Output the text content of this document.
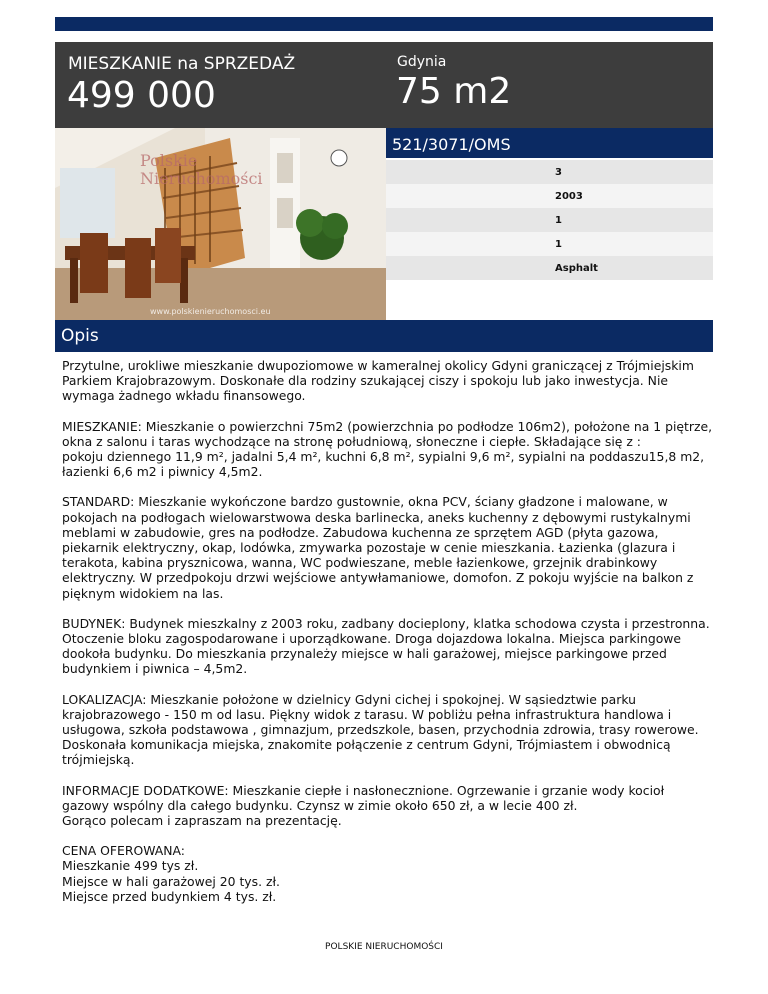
MIESZKANIE na SPRZEDAŻ
499 000
Gdynia
75 m2
Polskie
Nieruchomości
www.polskienieruchomosci.eu
521/3071/OMS
3
2003
1
1
Asphalt
Opis

Przytulne, urokliwe mieszkanie dwupoziomowe w kameralnej okolicy Gdyni graniczącej z Trójmiejskim Parkiem Krajobrazowym. Doskonałe dla rodziny szukającej ciszy i spokoju lub jako inwestycja. Nie wymaga żadnego wkładu finansowego.

MIESZKANIE: Mieszkanie o powierzchni 75m2 (powierzchnia po podłodze 106m2), położone na 1 piętrze, okna z salonu i taras wychodzące na stronę południową, słoneczne i ciepłe. Składające się z :
pokoju dziennego 11,9 m², jadalni 5,4 m², kuchni 6,8 m², sypialni 9,6 m², sypialni na poddaszu15,8 m2, łazienki 6,6 m2 i piwnicy 4,5m2.

STANDARD: Mieszkanie wykończone bardzo gustownie, okna PCV, ściany gładzone i malowane, w pokojach na podłogach wielowarstwowa deska barlinecka, aneks kuchenny z dębowymi rustykalnymi meblami w zabudowie, gres na podłodze. Zabudowa kuchenna ze sprzętem AGD (płyta gazowa, piekarnik elektryczny, okap, lodówka, zmywarka pozostaje w cenie mieszkania. Łazienka (glazura i terakota, kabina prysznicowa, wanna, WC podwieszane, meble łazienkowe, grzejnik drabinkowy elektryczny. W przedpokoju drzwi wejściowe antywłamaniowe, domofon. Z pokoju wyjście na balkon z pięknym widokiem na las.

BUDYNEK: Budynek mieszkalny z 2003 roku, zadbany docieplony, klatka schodowa czysta i przestronna. Otoczenie bloku zagospodarowane i uporządkowane. Droga dojazdowa lokalna. Miejsca parkingowe dookoła budynku. Do mieszkania przynależy miejsce w hali garażowej, miejsce parkingowe przed budynkiem i piwnica – 4,5m2.

LOKALIZACJA: Mieszkanie położone w dzielnicy Gdyni cichej i spokojnej. W sąsiedztwie parku krajobrazowego - 150 m od lasu. Piękny widok z tarasu. W pobliżu pełna infrastruktura handlowa i usługowa, szkoła podstawowa , gimnazjum, przedszkole, basen, przychodnia zdrowia, trasy rowerowe. Doskonała komunikacja miejska, znakomite połączenie z centrum Gdyni, Trójmiastem i obwodnicą trójmiejską.

INFORMACJE DODATKOWE: Mieszkanie ciepłe i nasłonecznione. Ogrzewanie i grzanie wody kocioł gazowy wspólny dla całego budynku. Czynsz w zimie około 650 zł, a w lecie 400 zł.
Gorąco polecam i zapraszam na prezentację.

CENA OFEROWANA:
Mieszkanie 499 tys zł.
Miejsce w hali garażowej 20 tys. zł.
Miejsce przed budynkiem 4 tys. zł.

POLSKIE NIERUCHOMOŚCI
